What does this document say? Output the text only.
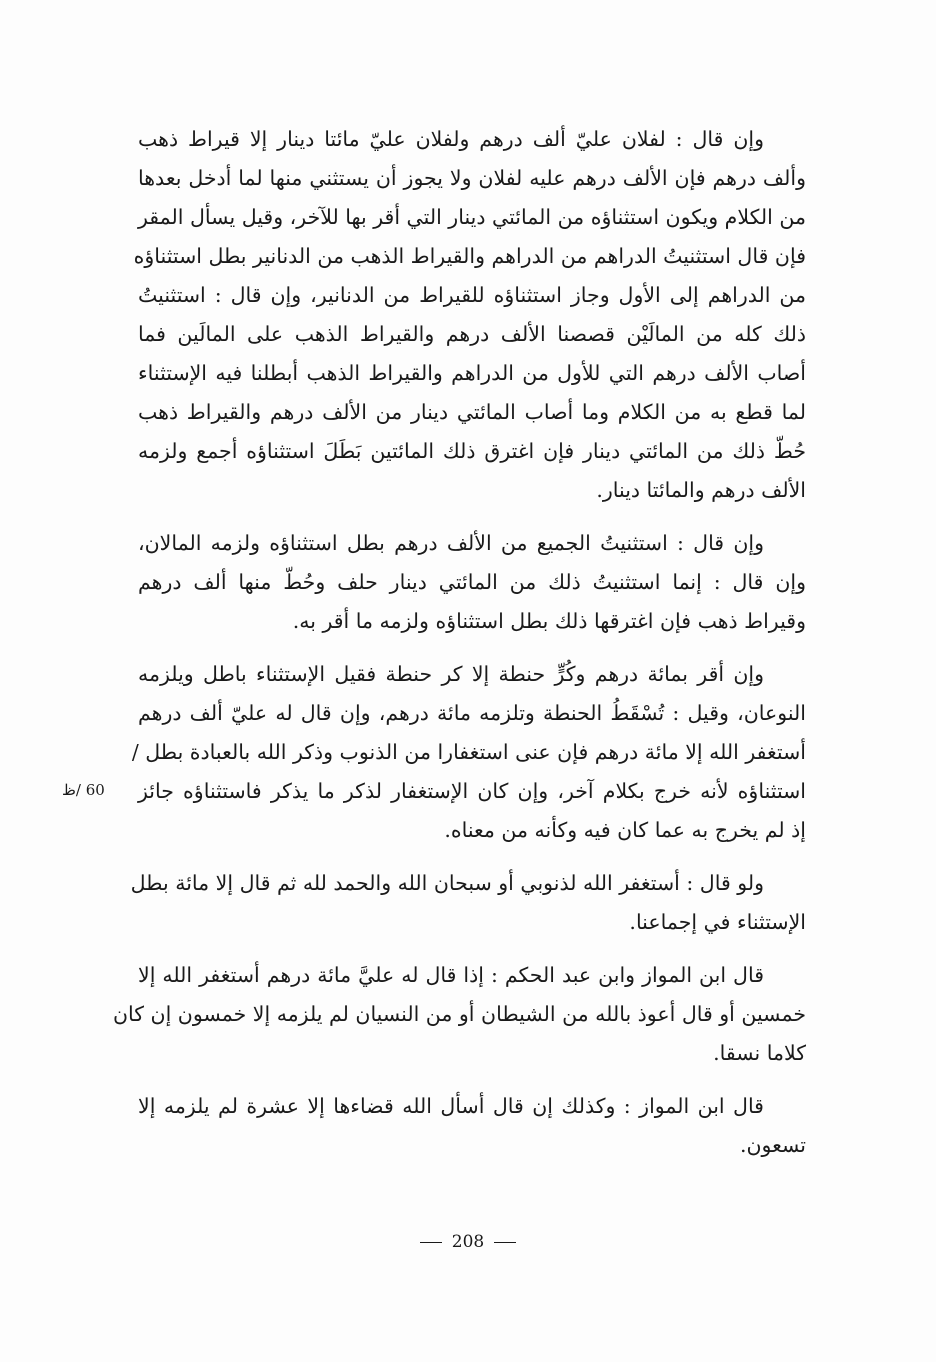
وإن قال : لفلان عليّ ألف درهم ولفلان عليّ مائتا دينار إلا قيراط ذهب
وألف درهم فإن الألف درهم عليه لفلان ولا يجوز أن يستثني منها لما أدخل بعدها
من الكلام ويكون استثناؤه من المائتي دينار التي أقر بها للآخر، وقيل يسأل المقر
فإن قال استثنيتُ الدراهم من الدراهم والقيراط الذهب من الدنانير بطل استثناؤه
من الدراهم إلى الأول وجاز استثناؤه للقيراط من الدنانير، وإن قال : استثنيتُ
ذلك كله من المالَيْن قصصنا الألف درهم والقيراط الذهب على المالَين فما
أصاب الألف درهم التي للأول من الدراهم والقيراط الذهب أبطلنا فيه الإستثناء
لما قطع به من الكلام وما أصاب المائتي دينار من الألف درهم والقيراط ذهب
حُطّ ذلك من المائتي دينار فإن اغترق ذلك المائتين بَطَلَ استثناؤه أجمع ولزمه
الألف درهم والمائتا دينار.

وإن قال : استثنيتُ الجميع من الألف درهم بطل استثناؤه ولزمه المالان،
وإن قال : إنما استثنيتُ ذلك من المائتي دينار حلف وحُطّ منها ألف درهم
وقيراط ذهب فإن اغترقها ذلك بطل استثناؤه ولزمه ما أقر به.

وإن أقر بمائة درهم وكُرٍّ حنطة إلا كر حنطة فقيل الإستثناء باطل ويلزمه
النوعان، وقيل : تُسْقَطُ الحنطة وتلزمه مائة درهم، وإن قال له عليّ ألف درهم
أستغفر الله إلا مائة درهم فإن عنى استغفارا من الذنوب وذكر الله بالعبادة بطل /
استثناؤه لأنه خرج بكلام آخر، وإن كان الإستغفار لذكر ما يذكر فاستثناؤه جائز
إذ لم يخرج به عما كان فيه وكأنه من معناه.

ولو قال : أستغفر الله لذنوبي أو سبحان الله والحمد لله ثم قال إلا مائة بطل
الإستثناء في إجماعنا.

قال ابن المواز وابن عبد الحكم : إذا قال له عليَّ مائة درهم أستغفر الله إلا
خمسين أو قال أعوذ بالله من الشيطان أو من النسيان لم يلزمه إلا خمسون إن كان
كلاما نسقا.

قال ابن المواز : وكذلك إن قال أسأل الله قضاءها إلا عشرة لم يلزمه إلا
تسعون.

60 /ظ
208
